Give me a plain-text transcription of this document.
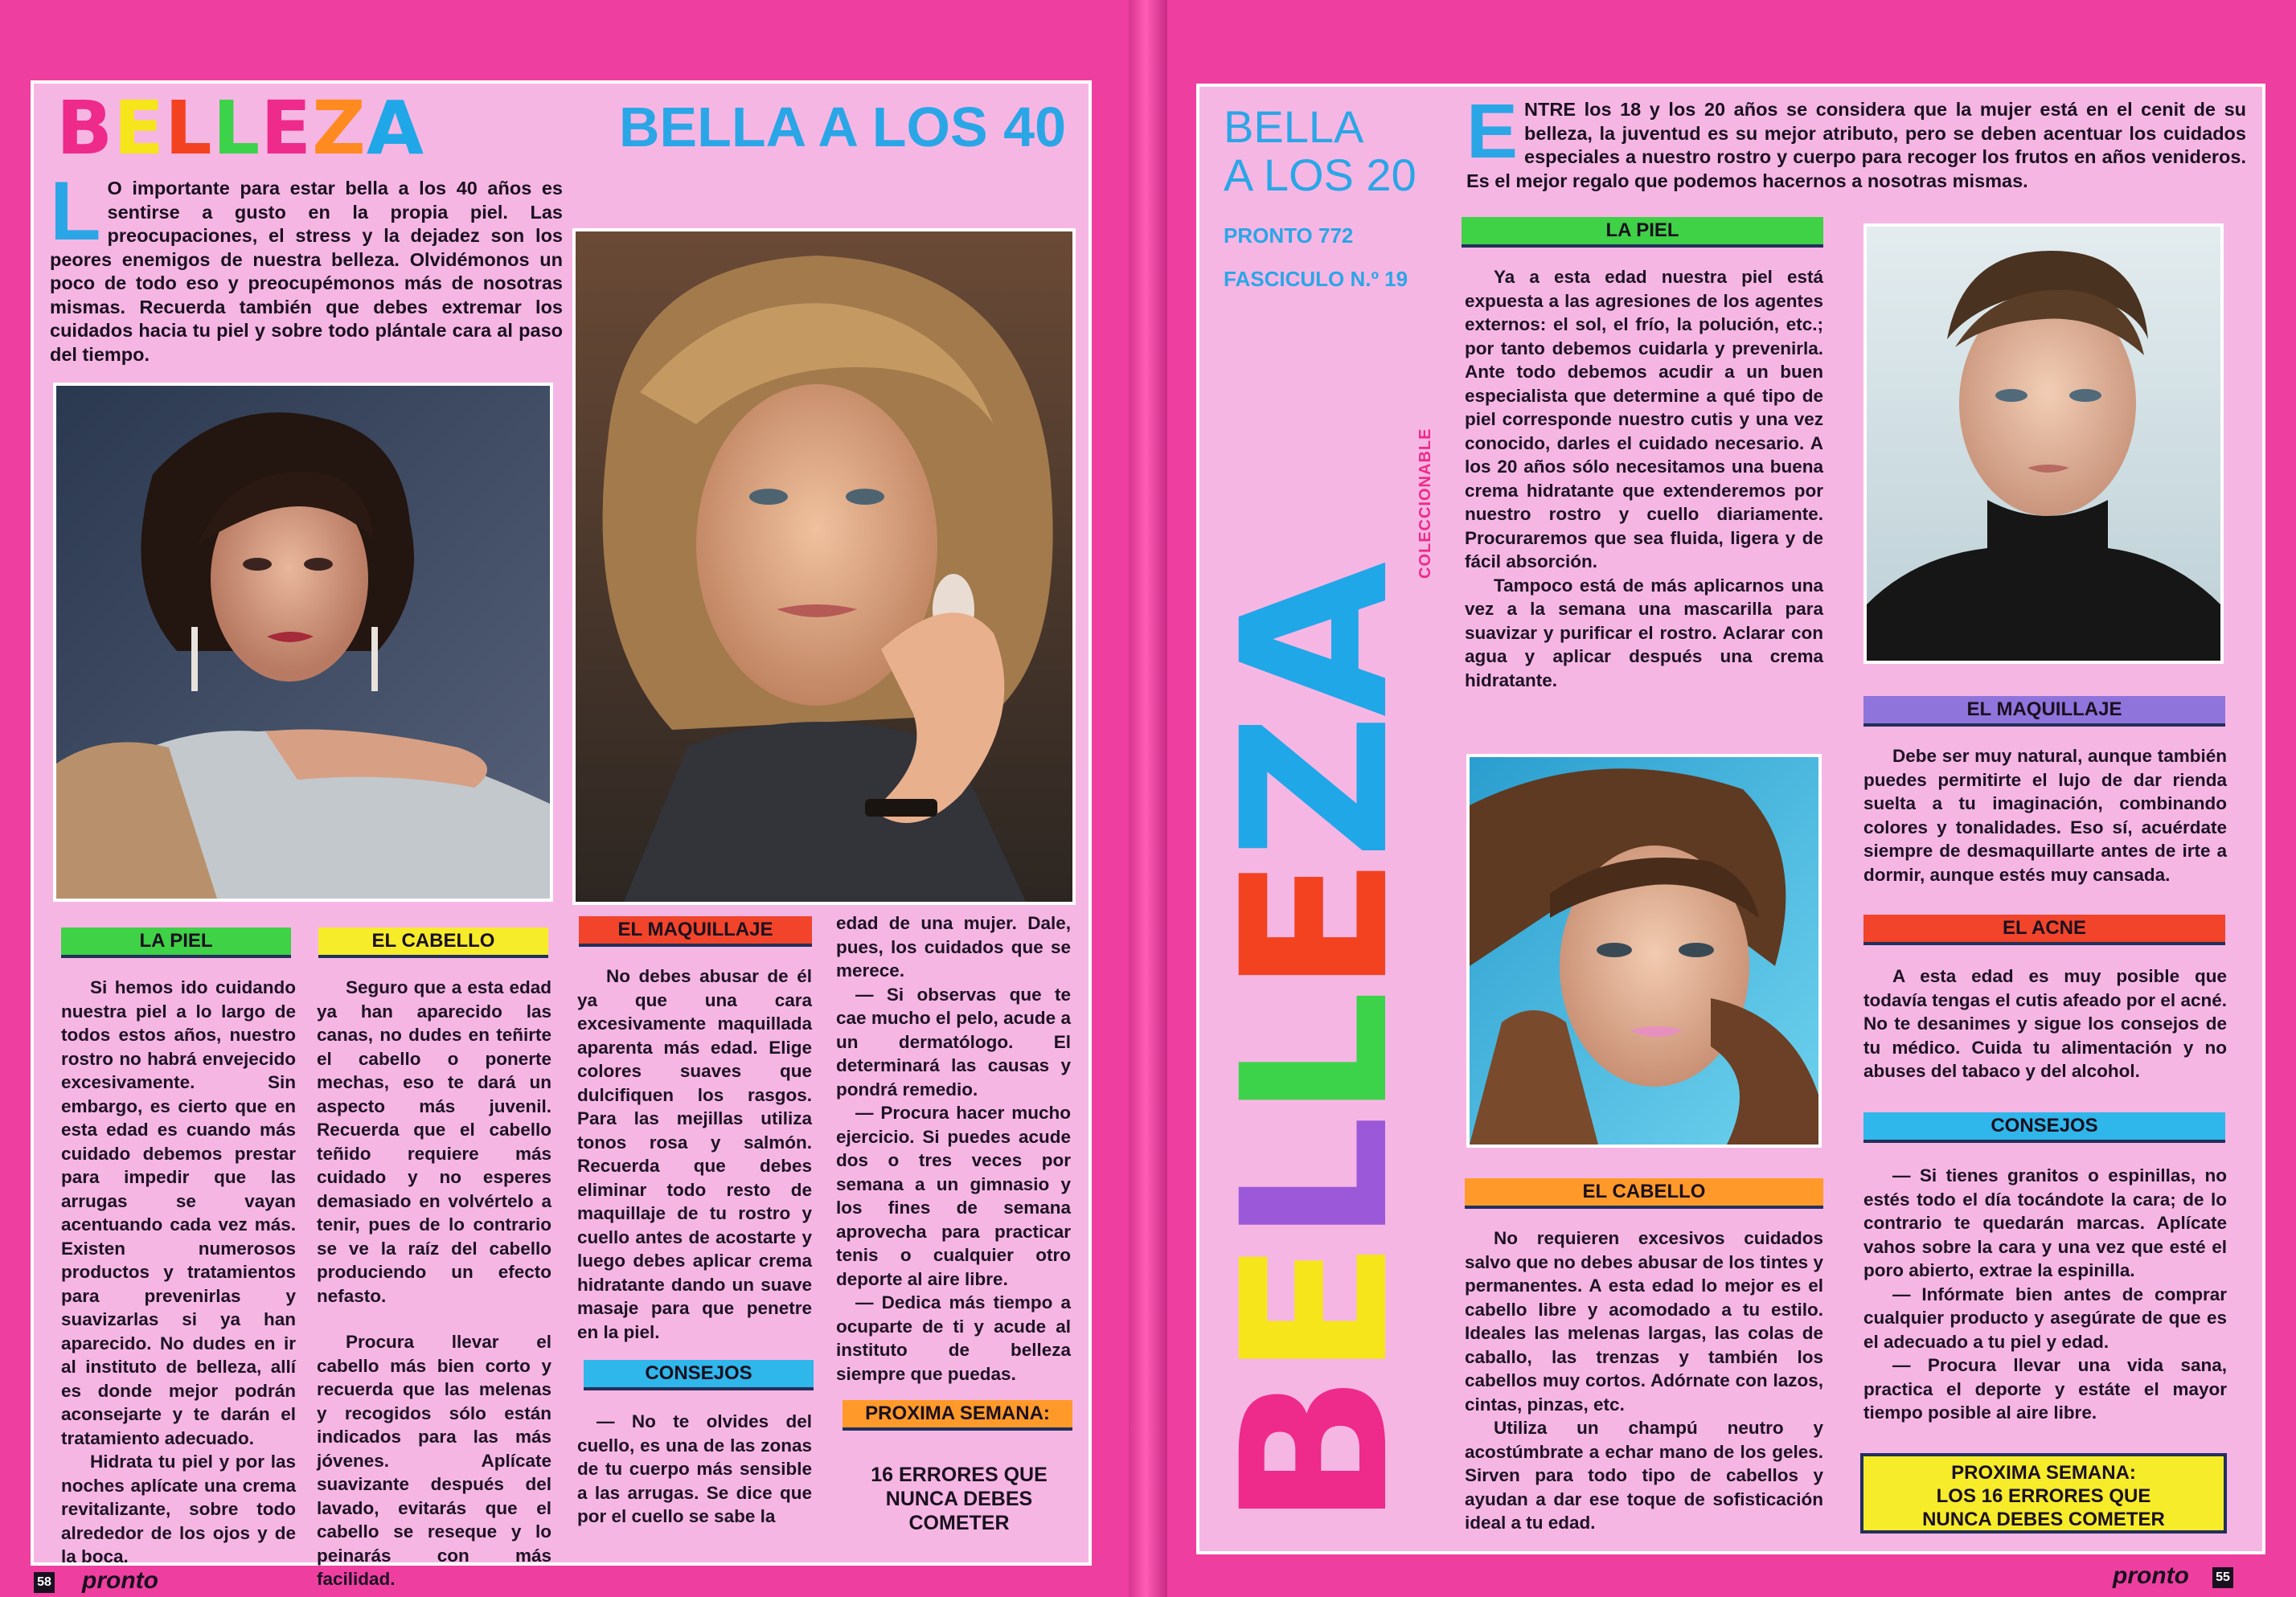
BELLEZA	BELLA A LOS 40
L O importante para estar bella a los 40 años es sentirse a gusto en la propia piel. Las preocupaciones, el stress y la dejadez son los peores enemigos de nuestra belleza. Olvidémonos un poco de todo eso y preocupémonos más de nosotras mismas. Recuerda también que debes extremar los cuidados hacia tu piel y sobre todo plántale cara al paso del tiempo.
LA PIEL

Si hemos ido cuidando nuestra piel a lo largo de todos estos años, nuestro rostro no habrá envejecido excesivamente. Sin embargo, es cierto que en esta edad es cuando más cuidado debemos prestar para impedir que las arrugas se vayan acentuando cada vez más. Existen numerosos productos y tratamientos para prevenirlas y suavizarlas si ya han aparecido. No dudes en ir al instituto de belleza, allí es donde mejor podrán aconsejarte y te darán el tratamiento adecuado.

Hidrata tu piel y por las noches aplícate una crema revitalizante, sobre todo alrededor de los ojos y de la boca.

EL CABELLO

Seguro que a esta edad ya han aparecido las canas, no dudes en teñirte el cabello o ponerte mechas, eso te dará un aspecto más juvenil. Recuerda que el cabello teñido requiere más cuidado y no esperes demasiado en volvértelo a tenir, pues de lo contrario se ve la raíz del cabello produciendo un efecto nefasto.

Procura llevar el cabello más bien corto y recuerda que las melenas y recogidos sólo están indicados para las más jóvenes. Aplícate suavizante después del lavado, evitarás que el cabello se reseque y lo peinarás con más facilidad.

EL MAQUILLAJE

No debes abusar de él ya que una cara excesivamente maquillada aparenta más edad. Elige colores suaves que dulcifiquen los rasgos. Para las mejillas utiliza tonos rosa y salmón. Recuerda que debes eliminar todo resto de maquillaje de tu rostro y cuello antes de acostarte y luego debes aplicar crema hidratante dando un suave masaje para que penetre en la piel.

CONSEJOS

— No te olvides del cuello, es una de las zonas de tu cuerpo más sensible a las arrugas. Se dice que por el cuello se sabe la

edad de una mujer. Dale, pues, los cuidados que se merece.

— Si observas que te cae mucho el pelo, acude a un dermatólogo. El determinará las causas y pondrá remedio.

— Procura hacer mucho ejercicio. Si puedes acude dos o tres veces por semana a un gimnasio y los fines de semana aprovecha para practicar tenis o cualquier otro deporte al aire libre.

— Dedica más tiempo a ocuparte de ti y acude al instituto de belleza siempre que puedas.

PROXIMA SEMANA:
16 ERRORES QUE NUNCA DEBES COMETER
58 pronto
BELLA
A LOS 20
PRONTO 772
FASCICULO N.º 19
COLECCIONABLE
BELLEZA
E NTRE los 18 y los 20 años se considera que la mujer está en el cenit de su belleza, la juventud es su mejor atributo, pero se deben acentuar los cuidados especiales a nuestro rostro y cuerpo para recoger los frutos en años venideros. Es el mejor regalo que podemos hacernos a nosotras mismas.
LA PIEL

Ya a esta edad nuestra piel está expuesta a las agresiones de los agentes externos: el sol, el frío, la polución, etc.; por tanto debemos cuidarla y prevenirla. Ante todo debemos acudir a un buen especialista que determine a qué tipo de piel corresponde nuestro cutis y una vez conocido, darles el cuidado necesario. A los 20 años sólo necesitamos una buena crema hidratante que extenderemos por nuestro rostro y cuello diariamente. Procuraremos que sea fluida, ligera y de fácil absorción.

Tampoco está de más aplicarnos una vez a la semana una mascarilla para suavizar y purificar el rostro. Aclarar con agua y aplicar después una crema hidratante.

EL MAQUILLAJE

Debe ser muy natural, aunque también puedes permitirte el lujo de dar rienda suelta a tu imaginación, combinando colores y tonalidades. Eso sí, acuérdate siempre de desmaquillarte antes de irte a dormir, aunque estés muy cansada.

EL ACNE

A esta edad es muy posible que todavía tengas el cutis afeado por el acné. No te desanimes y sigue los consejos de tu médico. Cuida tu alimentación y no abuses del tabaco y del alcohol.

CONSEJOS

— Si tienes granitos o espinillas, no estés todo el día tocándote la cara; de lo contrario te quedarán marcas. Aplícate vahos sobre la cara y una vez que esté el poro abierto, extrae la espinilla.

— Infórmate bien antes de comprar cualquier producto y asegúrate de que es el adecuado a tu piel y edad.

— Procura llevar una vida sana, practica el deporte y estáte el mayor tiempo posible al aire libre.

PROXIMA SEMANA:
LOS 16 ERRORES QUE
NUNCA DEBES COMETER
EL CABELLO

No requieren excesivos cuidados salvo que no debes abusar de los tintes y permanentes. A esta edad lo mejor es el cabello libre y acomodado a tu estilo. Ideales las melenas largas, las colas de caballo, las trenzas y también los cabellos muy cortos. Adórnate con lazos, cintas, pinzas, etc.

Utiliza un champú neutro y acostúmbrate a echar mano de los geles. Sirven para todo tipo de cabellos y ayudan a dar ese toque de sofisticación ideal a tu edad.

pronto 55
